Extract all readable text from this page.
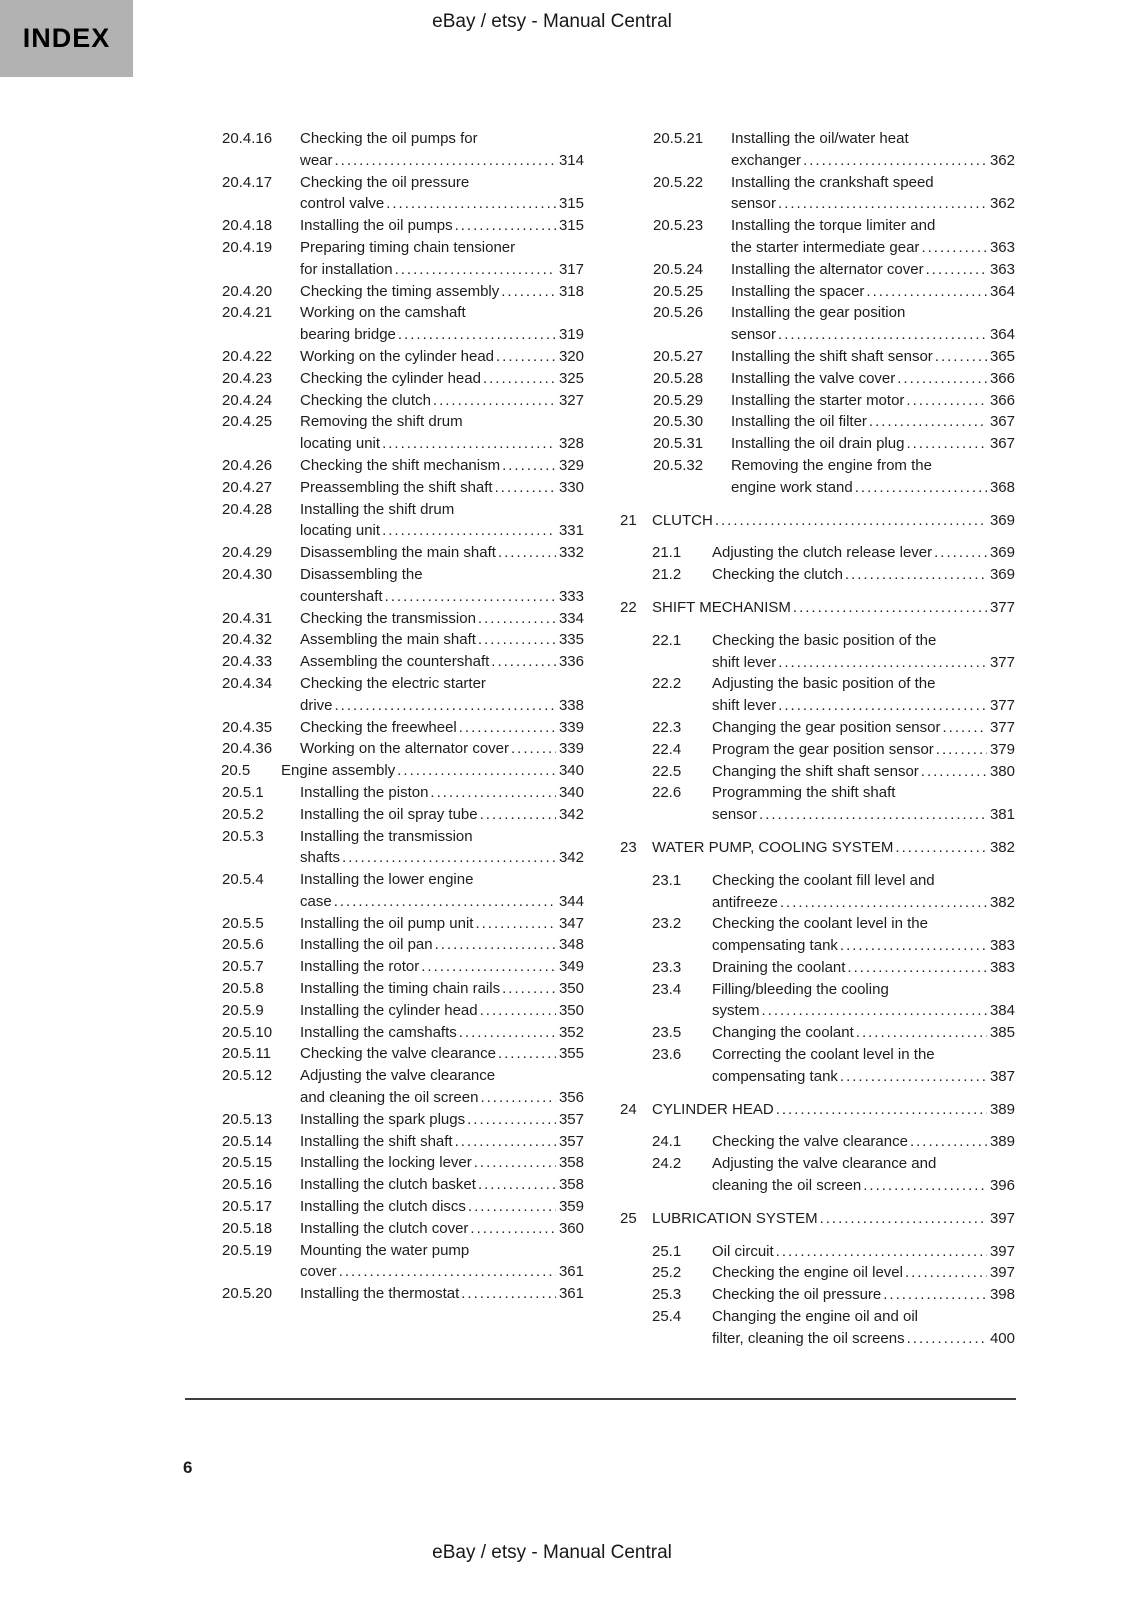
INDEX
eBay / etsy - Manual Central
20.4.16	Checking the oil pumps for
wear .....	314
20.4.17	Checking the oil pressure
control valve .....	315
20.4.18	Installing the oil pumps .....	315
20.4.19	Preparing timing chain tensioner
for installation .....	317
20.4.20	Checking the timing assembly .....	318
20.4.21	Working on the camshaft
bearing bridge .....	319
20.4.22	Working on the cylinder head .....	320
20.4.23	Checking the cylinder head .....	325
20.4.24	Checking the clutch .....	327
20.4.25	Removing the shift drum
locating unit .....	328
20.4.26	Checking the shift mechanism .....	329
20.4.27	Preassembling the shift shaft .....	330
20.4.28	Installing the shift drum
locating unit .....	331
20.4.29	Disassembling the main shaft .....	332
20.4.30	Disassembling the
countershaft .....	333
20.4.31	Checking the transmission .....	334
20.4.32	Assembling the main shaft .....	335
20.4.33	Assembling the countershaft .....	336
20.4.34	Checking the electric starter
drive .....	338
20.4.35	Checking the freewheel .....	339
20.4.36	Working on the alternator cover .....	339
20.5	Engine assembly .....	340
20.5.1	Installing the piston .....	340
20.5.2	Installing the oil spray tube .....	342
20.5.3	Installing the transmission
shafts .....	342
20.5.4	Installing the lower engine
case .....	344
20.5.5	Installing the oil pump unit .....	347
20.5.6	Installing the oil pan .....	348
20.5.7	Installing the rotor .....	349
20.5.8	Installing the timing chain rails .....	350
20.5.9	Installing the cylinder head .....	350
20.5.10	Installing the camshafts .....	352
20.5.11	Checking the valve clearance .....	355
20.5.12	Adjusting the valve clearance
and cleaning the oil screen .....	356
20.5.13	Installing the spark plugs .....	357
20.5.14	Installing the shift shaft .....	357
20.5.15	Installing the locking lever .....	358
20.5.16	Installing the clutch basket .....	358
20.5.17	Installing the clutch discs .....	359
20.5.18	Installing the clutch cover .....	360
20.5.19	Mounting the water pump
cover .....	361
20.5.20	Installing the thermostat .....	361
20.5.21	Installing the oil/water heat
exchanger .....	362
20.5.22	Installing the crankshaft speed
sensor .....	362
20.5.23	Installing the torque limiter and
the starter intermediate gear .....	363
20.5.24	Installing the alternator cover .....	363
20.5.25	Installing the spacer .....	364
20.5.26	Installing the gear position
sensor .....	364
20.5.27	Installing the shift shaft sensor .....	365
20.5.28	Installing the valve cover .....	366
20.5.29	Installing the starter motor .....	366
20.5.30	Installing the oil filter .....	367
20.5.31	Installing the oil drain plug .....	367
20.5.32	Removing the engine from the
engine work stand .....	368
21	CLUTCH .....	369
21.1	Adjusting the clutch release lever .....	369
21.2	Checking the clutch .....	369
22	SHIFT MECHANISM .....	377
22.1	Checking the basic position of the
shift lever .....	377
22.2	Adjusting the basic position of the
shift lever .....	377
22.3	Changing the gear position sensor .....	377
22.4	Program the gear position sensor .....	379
22.5	Changing the shift shaft sensor .....	380
22.6	Programming the shift shaft
sensor .....	381
23	WATER PUMP, COOLING SYSTEM .....	382
23.1	Checking the coolant fill level and
antifreeze .....	382
23.2	Checking the coolant level in the
compensating tank .....	383
23.3	Draining the coolant .....	383
23.4	Filling/bleeding the cooling
system .....	384
23.5	Changing the coolant .....	385
23.6	Correcting the coolant level in the
compensating tank .....	387
24	CYLINDER HEAD .....	389
24.1	Checking the valve clearance .....	389
24.2	Adjusting the valve clearance and
cleaning the oil screen .....	396
25	LUBRICATION SYSTEM .....	397
25.1	Oil circuit .....	397
25.2	Checking the engine oil level .....	397
25.3	Checking the oil pressure .....	398
25.4	Changing the engine oil and oil
filter, cleaning the oil screens .....	400
6
eBay / etsy - Manual Central
